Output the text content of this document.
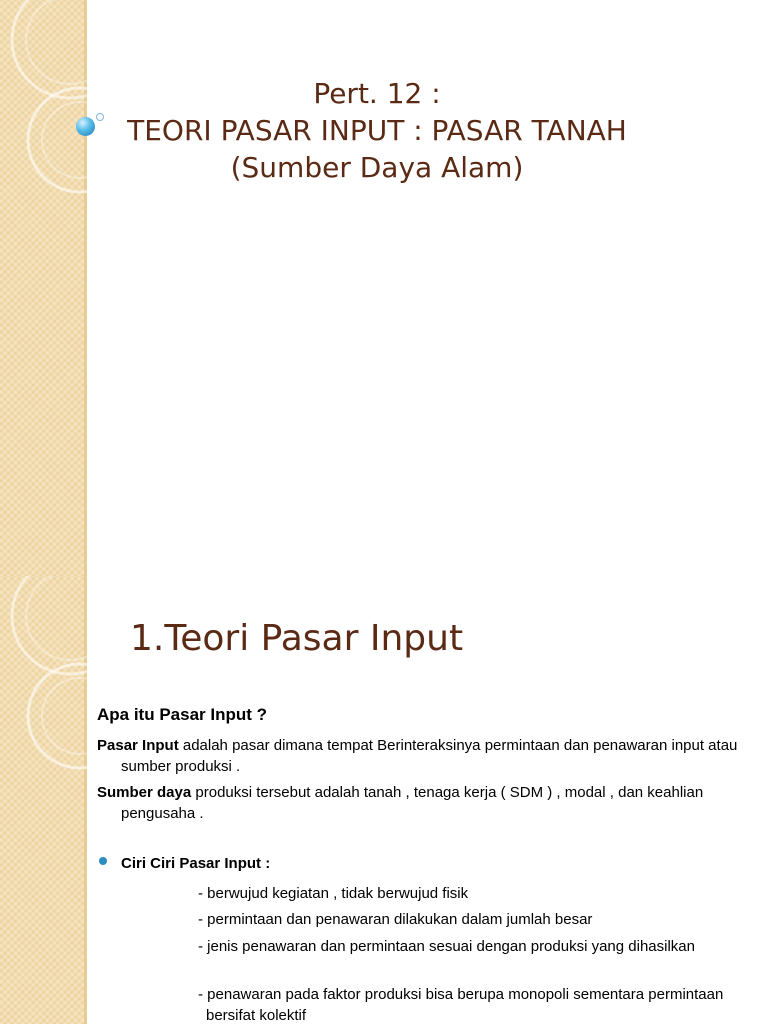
Pert. 12 :

TEORI PASAR INPUT : PASAR TANAH

(Sumber Daya Alam)

1.Teori Pasar Input

Apa itu Pasar Input ?
Pasar Input adalah pasar dimana tempat Berinteraksinya permintaan dan penawaran input atau sumber produksi .
Sumber daya produksi tersebut adalah tanah , tenaga kerja ( SDM ) , modal , dan keahlian pengusaha .
Ciri Ciri Pasar Input :
- berwujud kegiatan , tidak berwujud fisik
- permintaan dan penawaran dilakukan dalam jumlah besar
- jenis penawaran dan permintaan sesuai dengan produksi yang dihasilkan
- penawaran pada faktor produksi bisa berupa monopoli sementara permintaan bersifat kolektif
